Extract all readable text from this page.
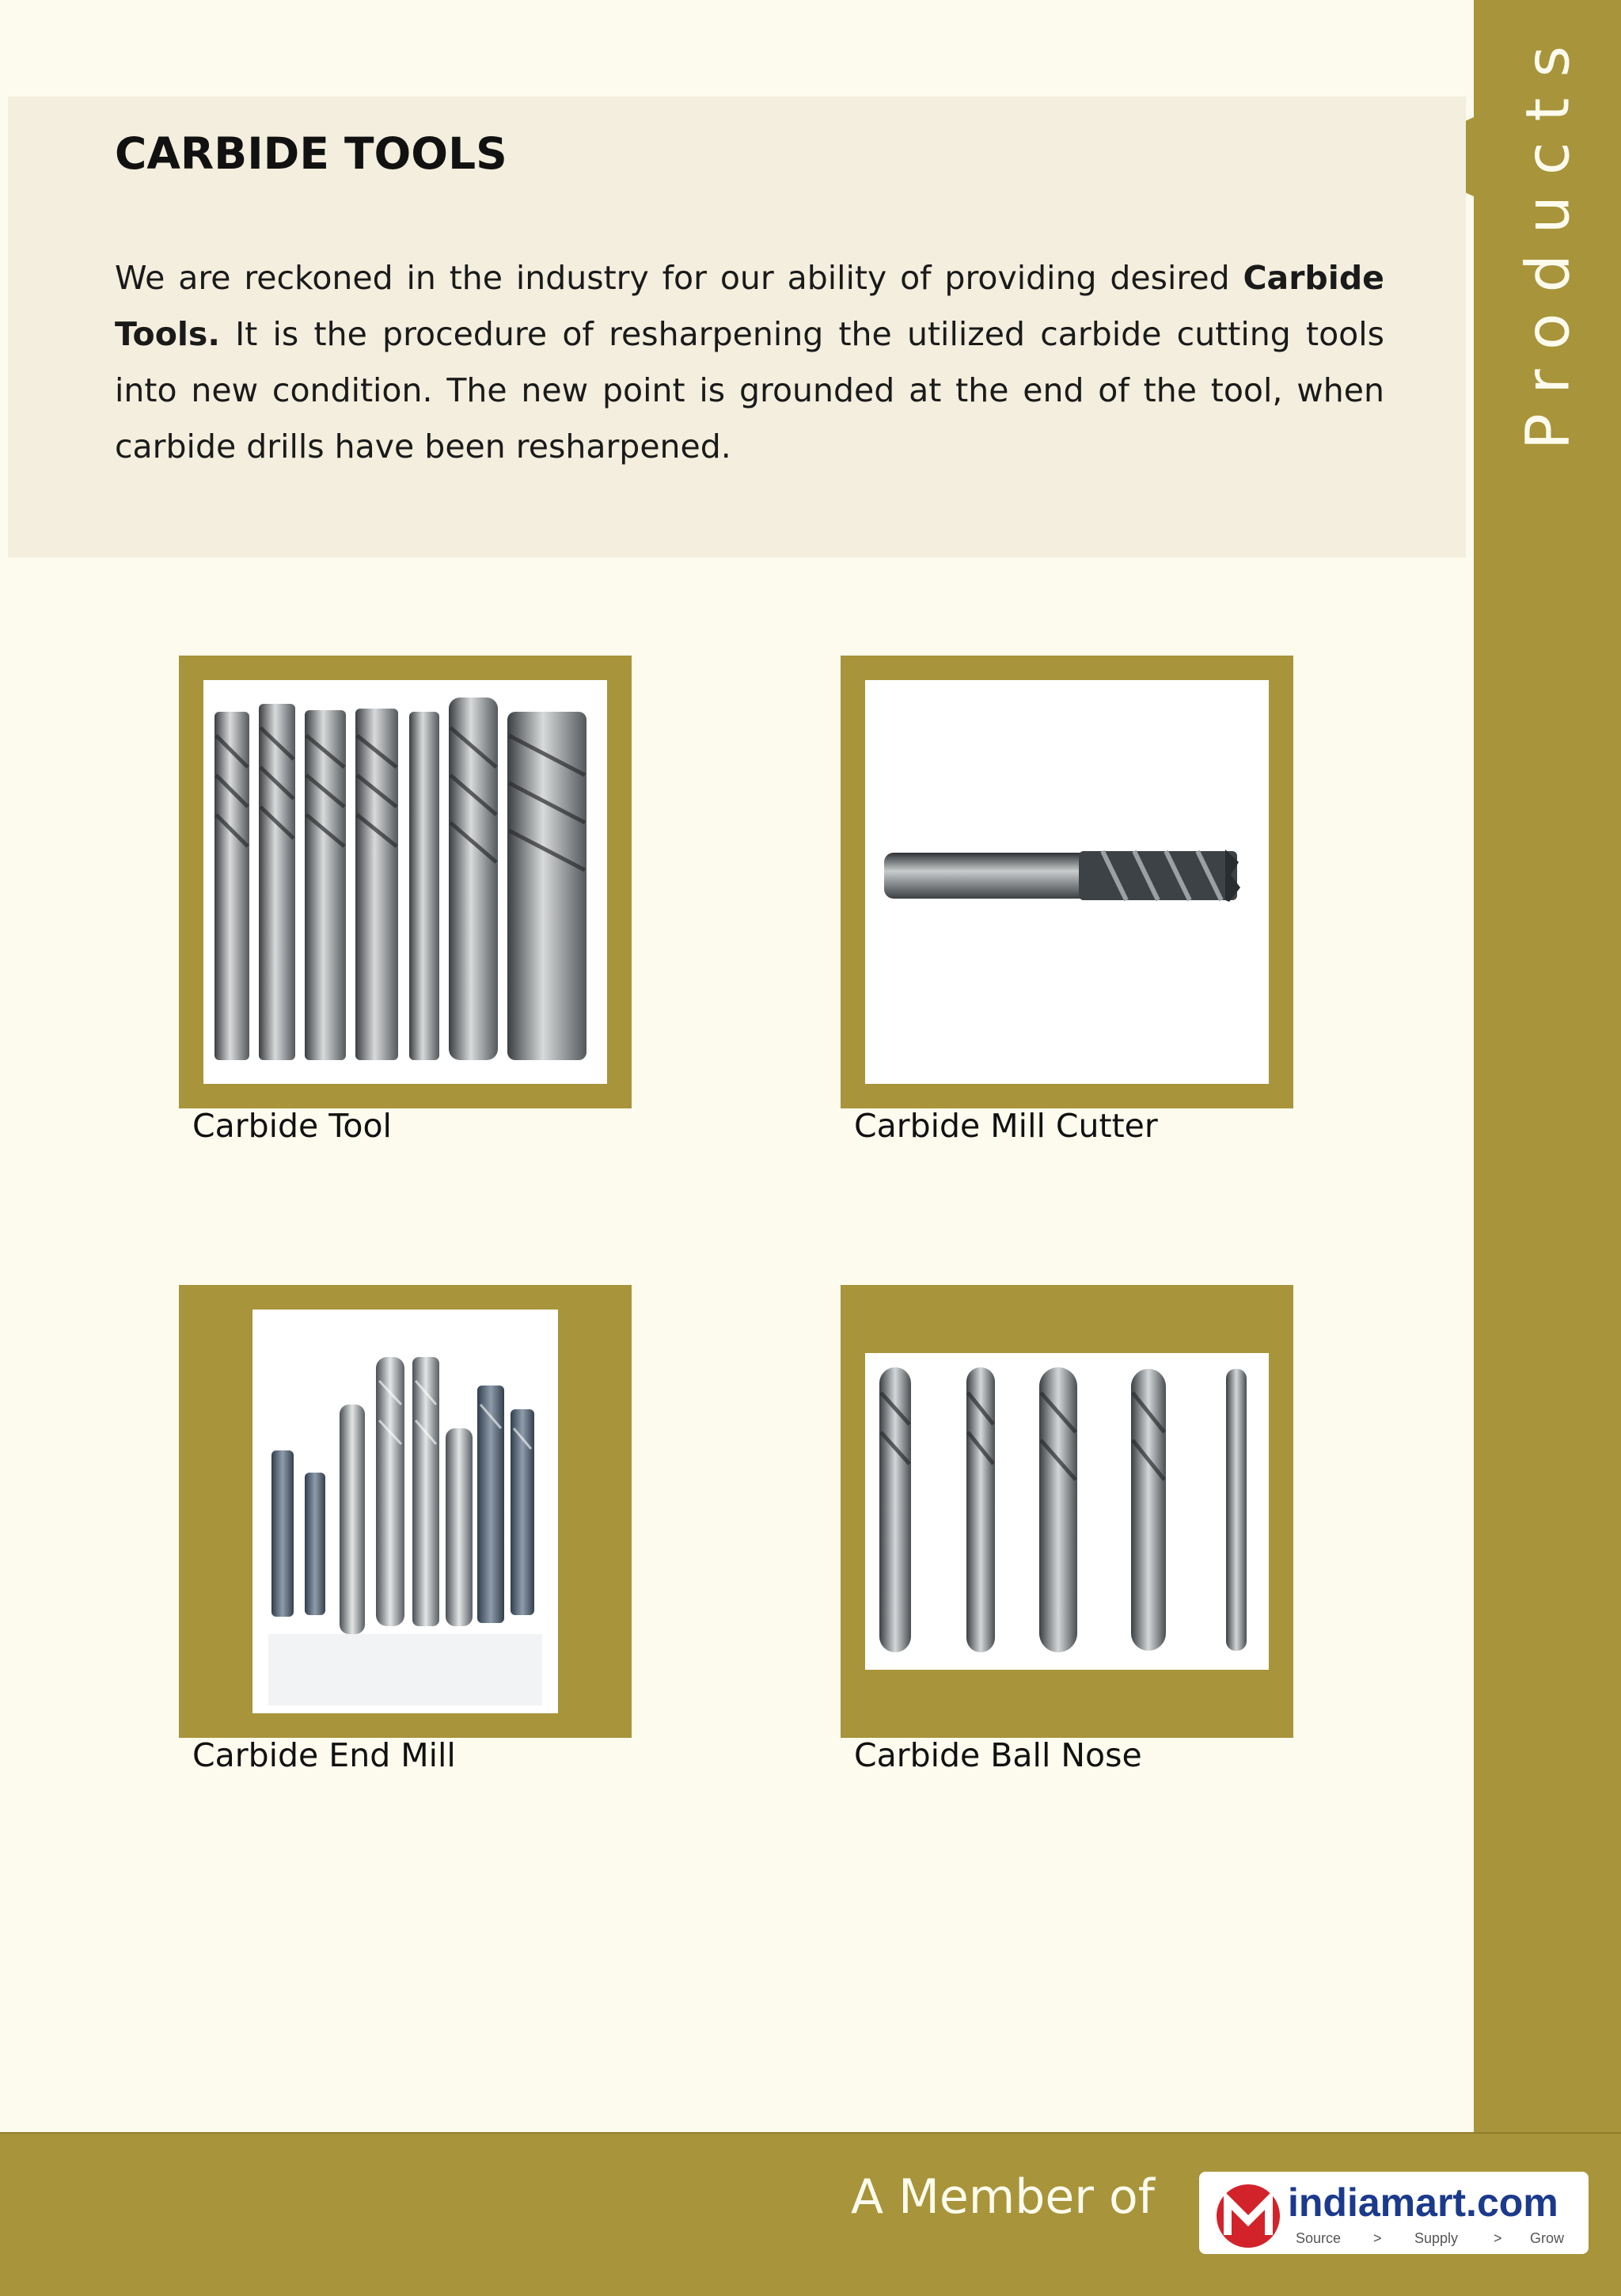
Products
CARBIDE TOOLS

We are reckoned in the industry for our ability of providing desired Carbide Tools. It is the procedure of resharpening the utilized carbide cutting tools into new condition. The new point is grounded at the end of the tool, when carbide drills have been resharpened.

Carbide Tool	Carbide Mill Cutter
Carbide End Mill	Carbide Ball Nose
A Member of	indiamart.com
Source > Supply > Grow
